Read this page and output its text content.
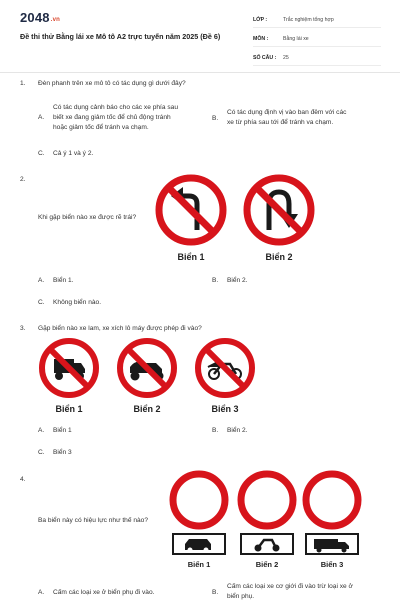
2048.vn
Đề thi thử Bằng lái xe Mô tô A2 trực tuyến năm 2025 (Đề 6)
LỚP :	Trắc nghiệm tổng hợp
MÔN :	Bằng lái xe
SỐ CÂU :	25
1.	Đèn phanh trên xe mô tô có tác dụng gì dưới đây?
A.
Có tác dụng cảnh báo cho các xe phía sau
biết xe đang giảm tốc để chủ động tránh
hoặc giảm tốc để tránh va chạm.
B.
Có tác dụng định vị vào ban đêm với các
xe từ phía sau tới để tránh va chạm.
C. Cả ý 1 và ý 2.
2.
Khi gặp biển nào xe được rẽ trái?
Biển 1	Biển 2
A. Biển 1.	B. Biển 2.
C. Không biển nào.
3.	Gặp biển nào xe lam, xe xích lô máy được phép đi vào?
Biển 1	Biển 2	Biển 3
A. Biển 1	B. Biển 2.
C. Biển 3
4.
Ba biển này có hiệu lực như thế nào?
Biển 1	Biển 2	Biển 3
A. Cấm các loại xe ở biển phụ đi vào.	B.
Cấm các loại xe cơ giới đi vào trừ loại xe ở
biển phụ.
